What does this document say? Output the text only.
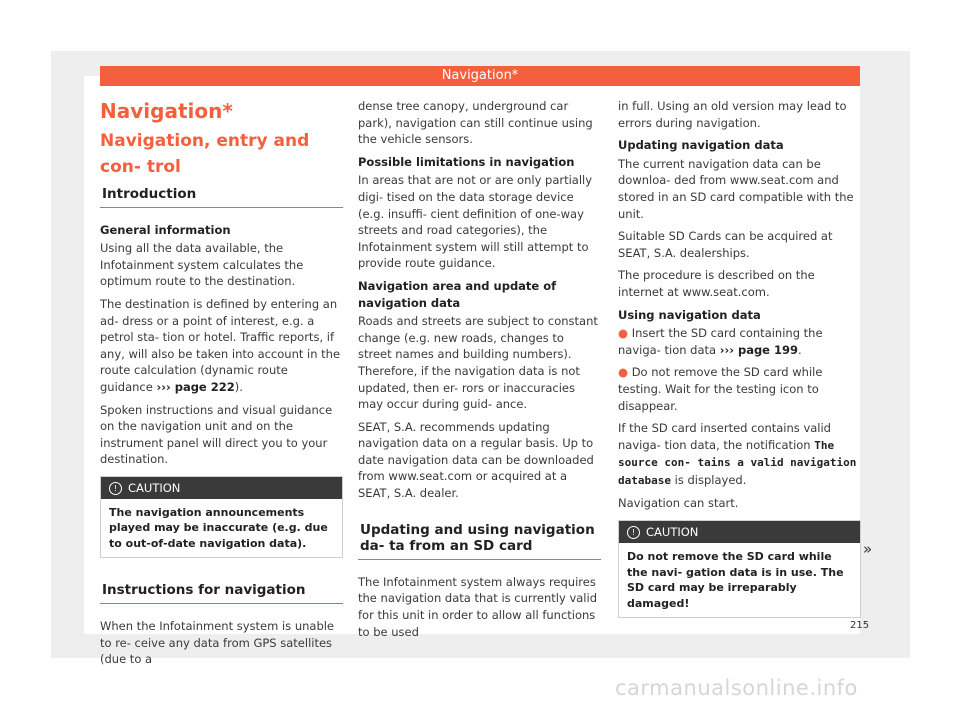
Navigation*
Navigation*
Navigation, entry and con- trol
Introduction
General information

Using all the data available, the Infotainment system calculates the optimum route to the destination.

The destination is defined by entering an ad- dress or a point of interest, e.g. a petrol sta- tion or hotel. Traffic reports, if any, will also be taken into account in the route calculation (dynamic route guidance ››› page 222).

Spoken instructions and visual guidance on the navigation unit and on the instrument panel will direct you to your destination.

! CAUTION
The navigation announcements played may be inaccurate (e.g. due to out-of-date navigation data).
Instructions for navigation

When the Infotainment system is unable to re- ceive any data from GPS satellites (due to a

dense tree canopy, underground car park), navigation can still continue using the vehicle sensors.

Possible limitations in navigation

In areas that are not or are only partially digi- tised on the data storage device (e.g. insuffi- cient definition of one-way streets and road categories), the Infotainment system will still attempt to provide route guidance.

Navigation area and update of navigation data

Roads and streets are subject to constant change (e.g. new roads, changes to street names and building numbers). Therefore, if the navigation data is not updated, then er- rors or inaccuracies may occur during guid- ance.

SEAT, S.A. recommends updating navigation data on a regular basis. Up to date navigation data can be downloaded from www.seat.com or acquired at a SEAT, S.A. dealer.

Updating and using navigation da- ta from an SD card

The Infotainment system always requires the navigation data that is currently valid for this unit in order to allow all functions to be used

in full. Using an old version may lead to errors during navigation.

Updating navigation data

The current navigation data can be downloa- ded from www.seat.com and stored in an SD card compatible with the unit.

Suitable SD Cards can be acquired at SEAT, S.A. dealerships.

The procedure is described on the internet at www.seat.com.

Using navigation data

● Insert the SD card containing the naviga- tion data ››› page 199.

● Do not remove the SD card while testing. Wait for the testing icon to disappear.

If the SD card inserted contains valid naviga- tion data, the notification The source con- tains a valid navigation database is displayed.

Navigation can start.

! CAUTION
Do not remove the SD card while the navi- gation data is in use. The SD card may be irreparably damaged!
»
215
carmanualsonline.info
